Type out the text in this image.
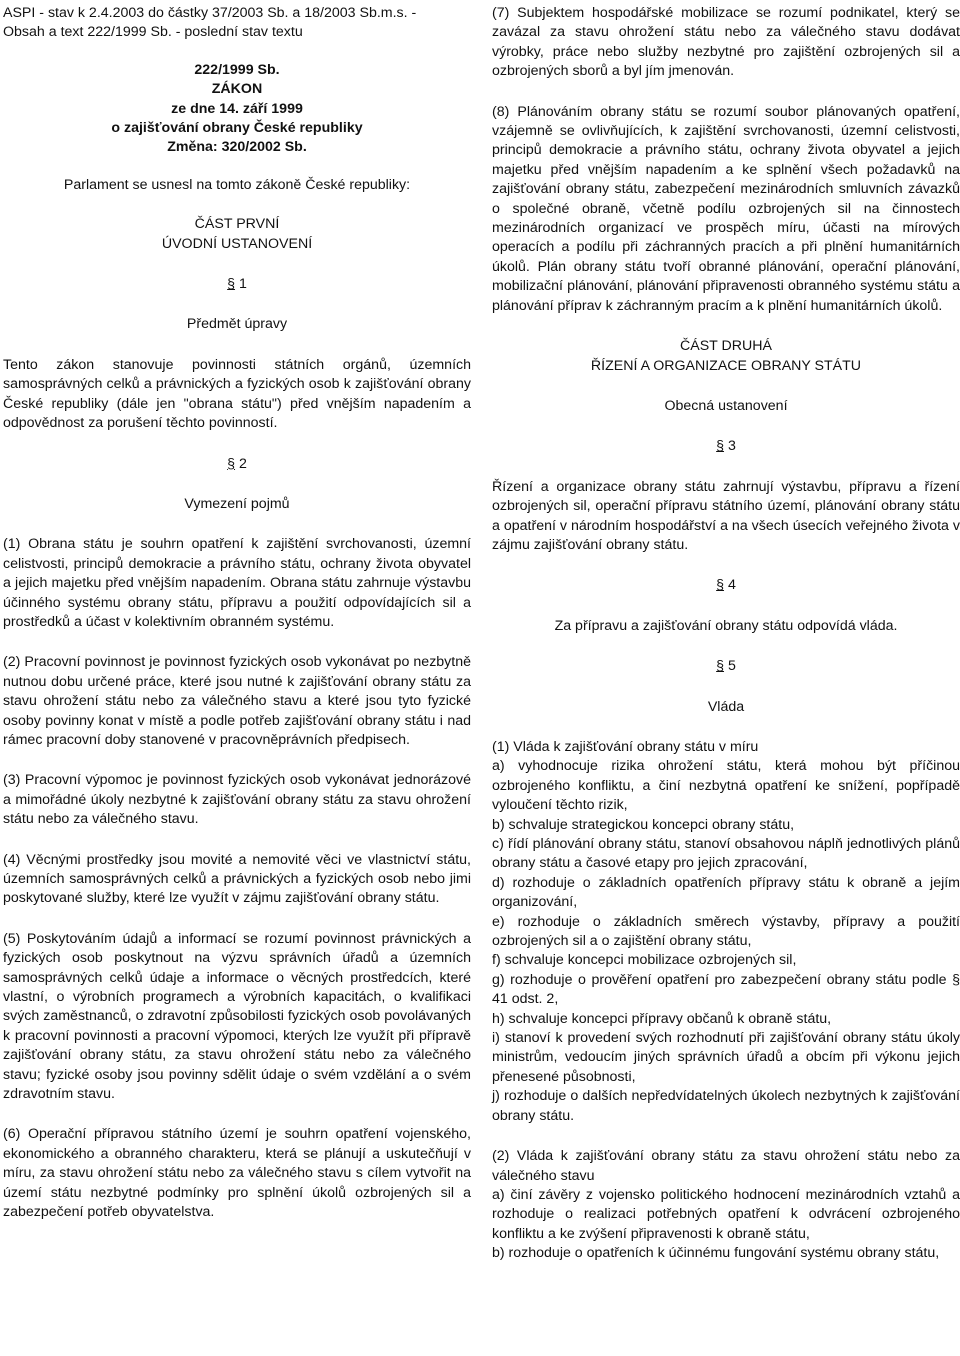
ASPI - stav k 2.4.2003 do částky 37/2003 Sb. a 18/2003 Sb.m.s. -

Obsah a text 222/1999 Sb. - poslední stav textu

222/1999 Sb.

ZÁKON

ze dne 14. září 1999

o zajišťování obrany České republiky

Změna: 320/2002 Sb.

Parlament se usnesl na tomto zákoně České republiky:

ČÁST PRVNÍ

ÚVODNÍ USTANOVENÍ

§ 1

Předmět úpravy

Tento zákon stanovuje povinnosti státních orgánů, územních samosprávných celků a právnických a fyzických osob k zajišťování obrany České republiky (dále jen "obrana státu") před vnějším napadením a odpovědnost za porušení těchto povinností.

§ 2

Vymezení pojmů

(1) Obrana státu je souhrn opatření k zajištění svrchovanosti, územní celistvosti, principů demokracie a právního státu, ochrany života obyvatel a jejich majetku před vnějším napadením. Obrana státu zahrnuje výstavbu účinného systému obrany státu, přípravu a použití odpovídajících sil a prostředků a účast v kolektivním obranném systému.

(2) Pracovní povinnost je povinnost fyzických osob vykonávat po nezbytně nutnou dobu určené práce, které jsou nutné k zajišťování obrany státu za stavu ohrožení státu nebo za válečného stavu a které jsou tyto fyzické osoby povinny konat v místě a podle potřeb zajišťování obrany státu i nad rámec pracovní doby stanovené v pracovněprávních předpisech.

(3) Pracovní výpomoc je povinnost fyzických osob vykonávat jednorázové a mimořádné úkoly nezbytné k zajišťování obrany státu za stavu ohrožení státu nebo za válečného stavu.

(4) Věcnými prostředky jsou movité a nemovité věci ve vlastnictví státu, územních samosprávných celků a právnických a fyzických osob nebo jimi poskytované služby, které lze využít v zájmu zajišťování obrany státu.

(5) Poskytováním údajů a informací se rozumí povinnost právnických a fyzických osob poskytnout na výzvu správních úřadů a územních samosprávných celků údaje a informace o věcných prostředcích, které vlastní, o výrobních programech a výrobních kapacitách, o kvalifikaci svých zaměstnanců, o zdravotní způsobilosti fyzických osob povolávaných k pracovní povinnosti a pracovní výpomoci, kterých lze využít při přípravě zajišťování obrany státu, za stavu ohrožení státu nebo za válečného stavu; fyzické osoby jsou povinny sdělit údaje o svém vzdělání a o svém zdravotním stavu.

(6) Operační přípravou státního území je souhrn opatření vojenského, ekonomického a obranného charakteru, která se plánují a uskutečňují v míru, za stavu ohrožení státu nebo za válečného stavu s cílem vytvořit na území státu nezbytné podmínky pro splnění úkolů ozbrojených sil a zabezpečení potřeb obyvatelstva.

(7) Subjektem hospodářské mobilizace se rozumí podnikatel, který se zavázal za stavu ohrožení státu nebo za válečného stavu dodávat výrobky, práce nebo služby nezbytné pro zajištění ozbrojených sil a ozbrojených sborů a byl jím jmenován.

(8) Plánováním obrany státu se rozumí soubor plánovaných opatření, vzájemně se ovlivňujících, k zajištění svrchovanosti, územní celistvosti, principů demokracie a právního státu, ochrany života obyvatel a jejich majetku před vnějším napadením a ke splnění všech požadavků na zajišťování obrany státu, zabezpečení mezinárodních smluvních závazků o společné obraně, včetně podílu ozbrojených sil na činnostech mezinárodních organizací ve prospěch míru, účasti na mírových operacích a podílu při záchranných pracích a při plnění humanitárních úkolů. Plán obrany státu tvoří obranné plánování, operační plánování, mobilizační plánování, plánování připravenosti obranného systému státu a plánování příprav k záchranným pracím a k plnění humanitárních úkolů.

ČÁST DRUHÁ

ŘÍZENÍ A ORGANIZACE OBRANY STÁTU

Obecná ustanovení

§ 3

Řízení a organizace obrany státu zahrnují výstavbu, přípravu a řízení ozbrojených sil, operační přípravu státního území, plánování obrany státu a opatření v národním hospodářství a na všech úsecích veřejného života v zájmu zajišťování obrany státu.

§ 4

Za přípravu a zajišťování obrany státu odpovídá vláda.

§ 5

Vláda

(1) Vláda k zajišťování obrany státu v míru

a) vyhodnocuje rizika ohrožení státu, která mohou být příčinou ozbrojeného konfliktu, a činí nezbytná opatření ke snížení, popřípadě vyloučení těchto rizik,

b) schvaluje strategickou koncepci obrany státu,

c) řídí plánování obrany státu, stanoví obsahovou náplň jednotlivých plánů obrany státu a časové etapy pro jejich zpracování,

d) rozhoduje o základních opatřeních přípravy státu k obraně a jejím organizování,

e) rozhoduje o základních směrech výstavby, přípravy a použití ozbrojených sil a o zajištění obrany státu,

f) schvaluje koncepci mobilizace ozbrojených sil,

g) rozhoduje o prověření opatření pro zabezpečení obrany státu podle § 41 odst. 2,

h) schvaluje koncepci přípravy občanů k obraně státu,

i) stanoví k provedení svých rozhodnutí při zajišťování obrany státu úkoly ministrům, vedoucím jiných správních úřadů a obcím při výkonu jejich přenesené působnosti,

j) rozhoduje o dalších nepředvídatelných úkolech nezbytných k zajišťování obrany státu.

(2) Vláda k zajišťování obrany státu za stavu ohrožení státu nebo za válečného stavu

a) činí závěry z vojensko politického hodnocení mezinárodních vztahů a rozhoduje o realizaci potřebných opatření k odvrácení ozbrojeného konfliktu a ke zvýšení připravenosti k obraně státu,

b) rozhoduje o opatřeních k účinnému fungování systému obrany státu,
